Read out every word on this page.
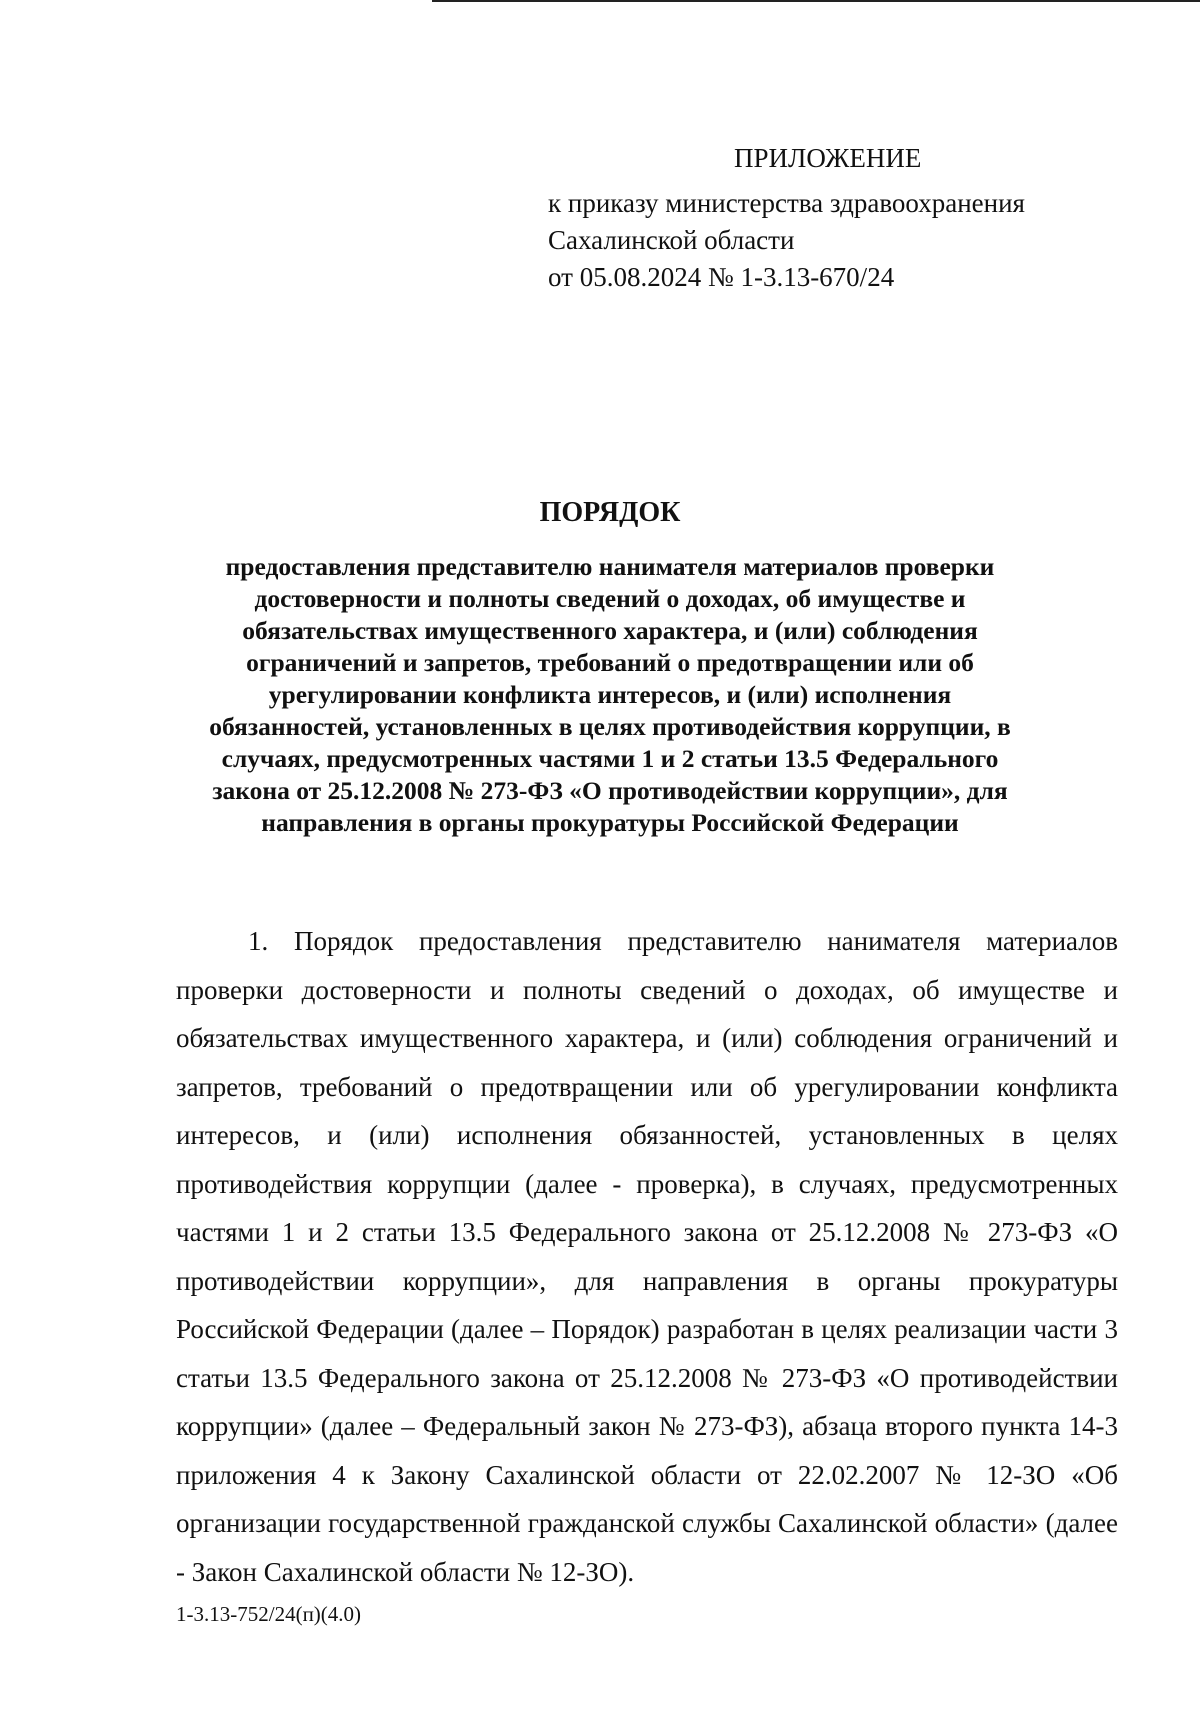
ПРИЛОЖЕНИЕ
к приказу министерства здравоохранения
Сахалинской области
от 05.08.2024 № 1-3.13-670/24
ПОРЯДОК
предоставления представителю нанимателя материалов проверки
достоверности и полноты сведений о доходах, об имуществе и
обязательствах имущественного характера, и (или) соблюдения
ограничений и запретов, требований о предотвращении или об
урегулировании конфликта интересов, и (или) исполнения
обязанностей, установленных в целях противодействия коррупции, в
случаях, предусмотренных частями 1 и 2 статьи 13.5 Федерального
закона от 25.12.2008 № 273-ФЗ «О противодействии коррупции», для
направления в органы прокуратуры Российской Федерации

1. Порядок предоставления представителю нанимателя материалов проверки достоверности и полноты сведений о доходах, об имуществе и обязательствах имущественного характера, и (или) соблюдения ограничений и запретов, требований о предотвращении или об урегулировании конфликта интересов, и (или) исполнения обязанностей, установленных в целях противодействия коррупции (далее - проверка), в случаях, предусмотренных частями 1 и 2 статьи 13.5 Федерального закона от 25.12.2008 № 273-ФЗ «О противодействии коррупции», для направления в органы прокуратуры Российской Федерации (далее – Порядок) разработан в целях реализации части 3 статьи 13.5 Федерального закона от 25.12.2008 № 273-ФЗ «О противодействии коррупции» (далее – Федеральный закон № 273-ФЗ), абзаца второго пункта 14-3 приложения 4 к Закону Сахалинской области от 22.02.2007 № 12-ЗО «Об организации государственной гражданской службы Сахалинской области» (далее - Закон Сахалинской области № 12-ЗО).

1-3.13-752/24(п)(4.0)
